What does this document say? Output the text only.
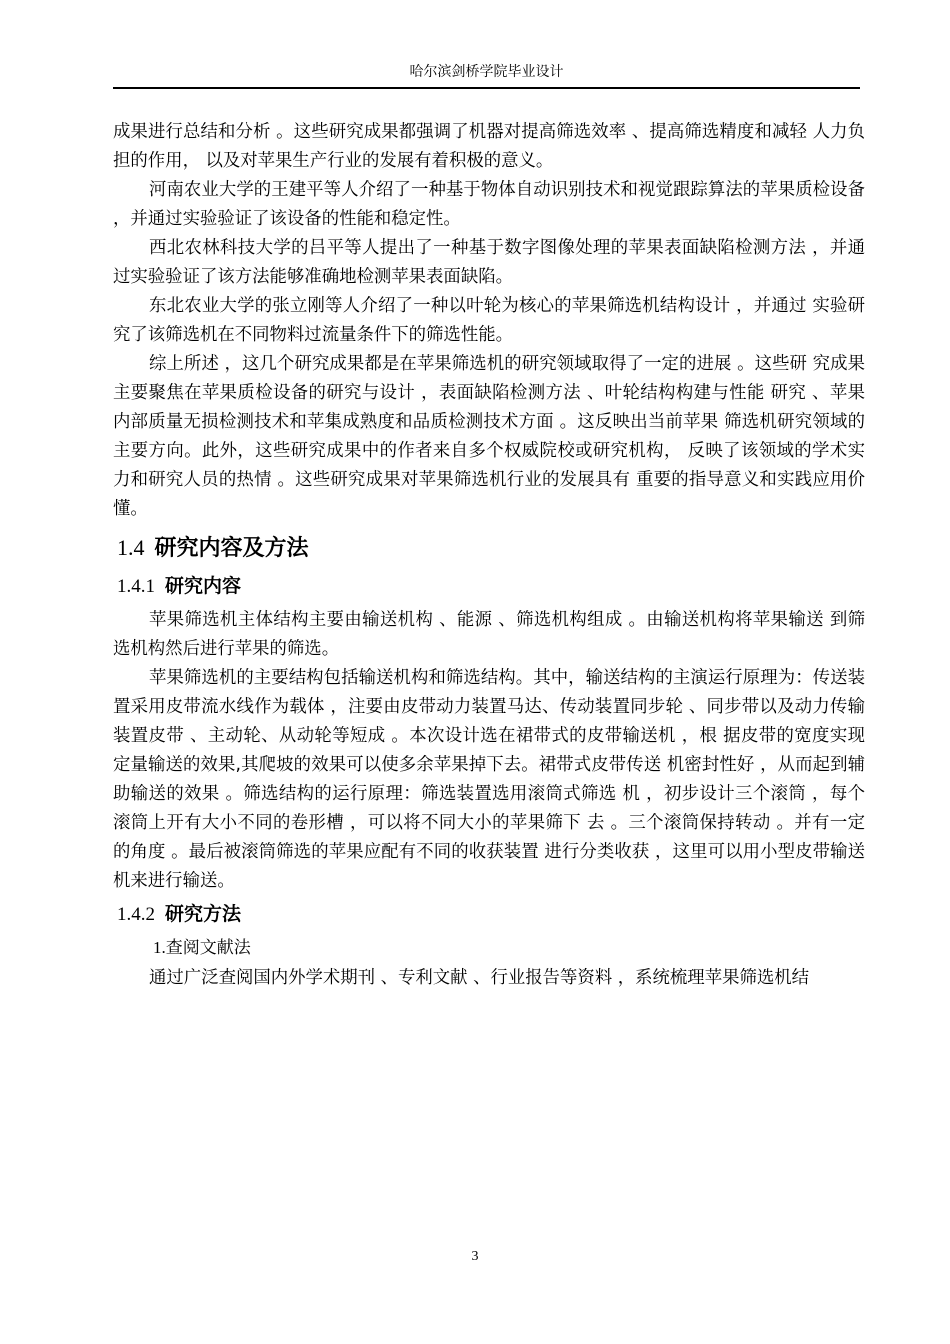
哈尔滨剑桥学院毕业设计

成果进行总结和分析 。这些研究成果都强调了机器对提高筛选效率 、提高筛选精度和减轻 人力负担的作用， 以及对苹果生产行业的发展有着积极的意义。

河南农业大学的王建平等人介绍了一种基于物体自动识别技术和视觉跟踪算法的苹果质检设备 ，并通过实验验证了该设备的性能和稳定性。

西北农林科技大学的吕平等人提出了一种基于数字图像处理的苹果表面缺陷检测方法 ，并通过实验验证了该方法能够准确地检测苹果表面缺陷。

东北农业大学的张立刚等人介绍了一种以叶轮为核心的苹果筛选机结构设计 ，并通过 实验研究了该筛选机在不同物料过流量条件下的筛选性能。

综上所述 ，这几个研究成果都是在苹果筛选机的研究领域取得了一定的进展 。这些研 究成果主要聚焦在苹果质检设备的研究与设计 ，表面缺陷检测方法 、叶轮结构构建与性能 研究 、苹果内部质量无损检测技术和苹集成熟度和品质检测技术方面 。这反映出当前苹果 筛选机研究领域的主要方向。此外，这些研究成果中的作者来自多个权威院校或研究机构， 反映了该领域的学术实力和研究人员的热情 。这些研究成果对苹果筛选机行业的发展具有 重要的指导意义和实践应用价懂。

1.4 研究内容及方法
1.4.1 研究内容

苹果筛选机主体结构主要由输送机构 、能源 、筛选机构组成 。由输送机构将苹果输送 到筛选机构然后进行苹果的筛选。

苹果筛选机的主要结构包括输送机构和筛选结构。其中，输送结构的主演运行原理为：传送装置采用皮带流水线作为载体 ，注要由皮带动力装置马达、传动装置同步轮 、同步带以及动力传输装置皮带 、主动轮、从动轮等短成 。本次设计选在裙带式的皮带输送机 ，根 据皮带的宽度实现定量输送的效果,其爬坡的效果可以使多余苹果掉下去。裙带式皮带传送 机密封性好 ，从而起到辅助输送的效果 。筛选结构的运行原理：筛选装置选用滚筒式筛选 机 ，初步设计三个滚筒 ，每个滚筒上开有大小不同的卷形槽 ，可以将不同大小的苹果筛下 去 。三个滚筒保持转动 。并有一定的角度 。最后被滚筒筛选的苹果应配有不同的收获装置 进行分类收获 ，这里可以用小型皮带输送机来进行输送。

1.4.2 研究方法
1.查阅文献法

通过广泛查阅国内外学术期刊 、专利文献 、行业报告等资料 ，系统梳理苹果筛选机结

3
